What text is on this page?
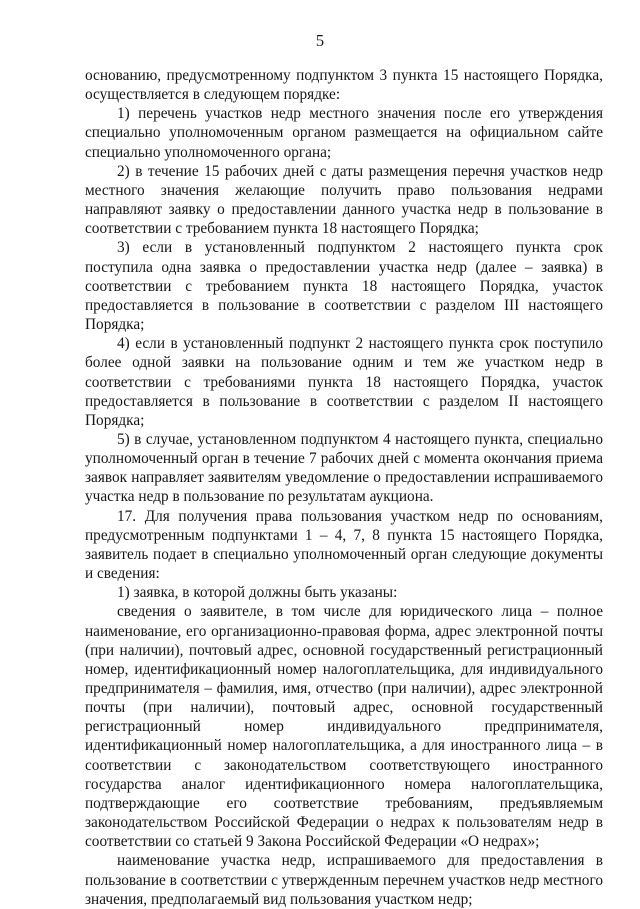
5

основанию, предусмотренному подпунктом 3 пункта 15 настоящего Порядка, осуществляется в следующем порядке:

1) перечень участков недр местного значения после его утверждения специально уполномоченным органом размещается на официальном сайте специально уполномоченного органа;

2) в течение 15 рабочих дней с даты размещения перечня участков недр местного значения желающие получить право пользования недрами направляют заявку о предоставлении данного участка недр в пользование в соответствии с требованием пункта 18 настоящего Порядка;

3) если в установленный подпунктом 2 настоящего пункта срок поступила одна заявка о предоставлении участка недр (далее – заявка) в соответствии с требованием пункта 18 настоящего Порядка, участок предоставляется в пользование в соответствии с разделом III настоящего Порядка;

4) если в установленный подпункт 2 настоящего пункта срок поступило более одной заявки на пользование одним и тем же участком недр в соответствии с требованиями пункта 18 настоящего Порядка, участок предоставляется в пользование в соответствии с разделом II настоящего Порядка;

5) в случае, установленном подпунктом 4 настоящего пункта, специально уполномоченный орган в течение 7 рабочих дней с момента окончания приема заявок направляет заявителям уведомление о предоставлении испрашиваемого участка недр в пользование по результатам аукциона.

17. Для получения права пользования участком недр по основаниям, предусмотренным подпунктами 1 – 4, 7, 8 пункта 15 настоящего Порядка, заявитель подает в специально уполномоченный орган следующие документы и сведения:

1) заявка, в которой должны быть указаны:

сведения о заявителе, в том числе для юридического лица – полное наименование, его организационно-правовая форма, адрес электронной почты (при наличии), почтовый адрес, основной государственный регистрационный номер, идентификационный номер налогоплательщика, для индивидуального предпринимателя – фамилия, имя, отчество (при наличии), адрес электронной почты (при наличии), почтовый адрес, основной государственный регистрационный номер индивидуального предпринимателя, идентификационный номер налогоплательщика, а для иностранного лица – в соответствии с законодательством соответствующего иностранного государства аналог идентификационного номера налогоплательщика, подтверждающие его соответствие требованиям, предъявляемым законодательством Российской Федерации о недрах к пользователям недр в соответствии со статьей 9 Закона Российской Федерации «О недрах»;

наименование участка недр, испрашиваемого для предоставления в пользование в соответствии с утвержденным перечнем участков недр местного значения, предполагаемый вид пользования участком недр;
